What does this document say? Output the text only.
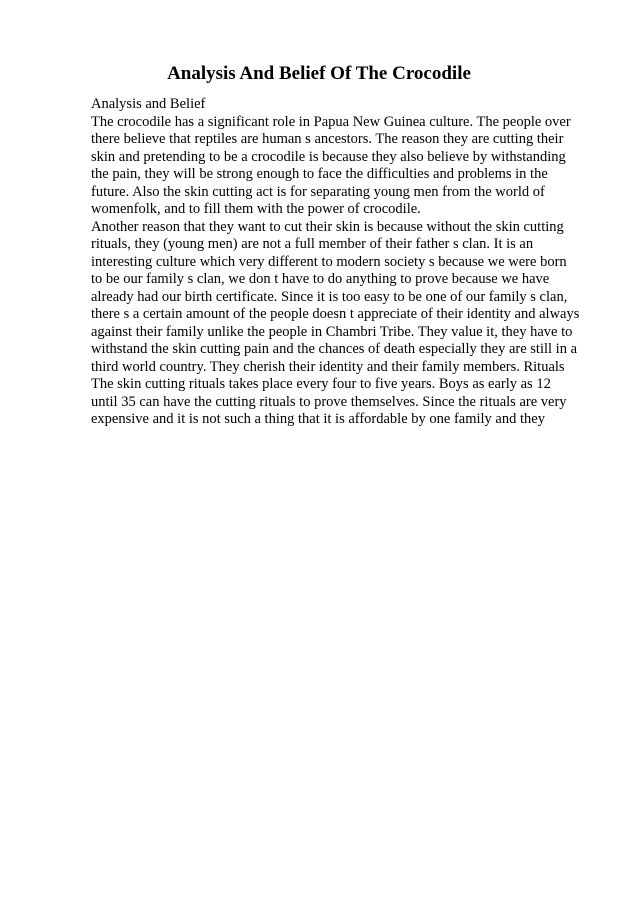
Analysis And Belief Of The Crocodile
Analysis and Belief
The crocodile has a significant role in Papua New Guinea culture. The people over
there believe that reptiles are human s ancestors. The reason they are cutting their
skin and pretending to be a crocodile is because they also believe by withstanding
the pain, they will be strong enough to face the difficulties and problems in the
future. Also the skin cutting act is for separating young men from the world of
womenfolk, and to fill them with the power of crocodile.
Another reason that they want to cut their skin is because without the skin cutting
rituals, they (young men) are not a full member of their father s clan. It is an
interesting culture which very different to modern society s because we were born
to be our family s clan, we don t have to do anything to prove because we have
already had our birth certificate. Since it is too easy to be one of our family s clan,
there s a certain amount of the people doesn t appreciate of their identity and always
against their family unlike the people in Chambri Tribe. They value it, they have to
withstand the skin cutting pain and the chances of death especially they are still in a
third world country. They cherish their identity and their family members. Rituals
The skin cutting rituals takes place every four to five years. Boys as early as 12
until 35 can have the cutting rituals to prove themselves. Since the rituals are very
expensive and it is not such a thing that it is affordable by one family and they
